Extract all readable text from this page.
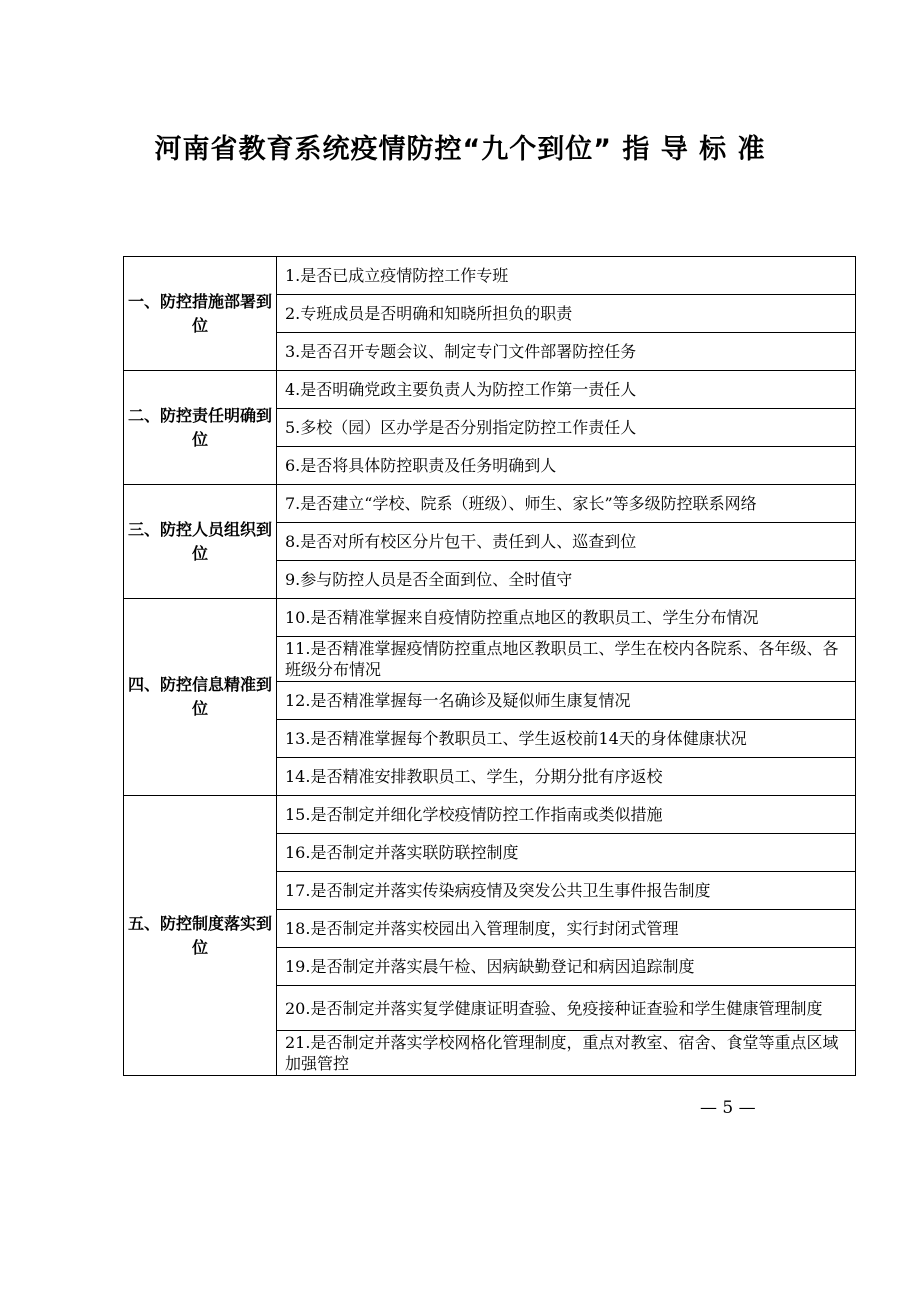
河南省教育系统疫情防控“九个到位” 指 导 标 准
一、防控措施部署到位	1.是否已成立疫情防控工作专班
	2.专班成员是否明确和知晓所担负的职责
	3.是否召开专题会议、制定专门文件部署防控任务
二、防控责任明确到位	4.是否明确党政主要负责人为防控工作第一责任人
	5.多校（园）区办学是否分别指定防控工作责任人
	6.是否将具体防控职责及任务明确到人
三、防控人员组织到位	7.是否建立“学校、院系（班级）、师生、家长”等多级防控联系网络
	8.是否对所有校区分片包干、责任到人、巡查到位
	9.参与防控人员是否全面到位、全时值守
四、防控信息精准到位	10.是否精准掌握来自疫情防控重点地区的教职员工、学生分布情况
	11.是否精准掌握疫情防控重点地区教职员工、学生在校内各院系、各年级、各班级分布情况
	12.是否精准掌握每一名确诊及疑似师生康复情况
	13.是否精准掌握每个教职员工、学生返校前14天的身体健康状况
	14.是否精准安排教职员工、学生，分期分批有序返校
五、防控制度落实到位	15.是否制定并细化学校疫情防控工作指南或类似措施
	16.是否制定并落实联防联控制度
	17.是否制定并落实传染病疫情及突发公共卫生事件报告制度
	18.是否制定并落实校园出入管理制度，实行封闭式管理
	19.是否制定并落实晨午检、因病缺勤登记和病因追踪制度
	20.是否制定并落实复学健康证明查验、免疫接种证查验和学生健康管理制度
	21.是否制定并落实学校网格化管理制度，重点对教室、宿舍、食堂等重点区域加强管控
— 5 —
